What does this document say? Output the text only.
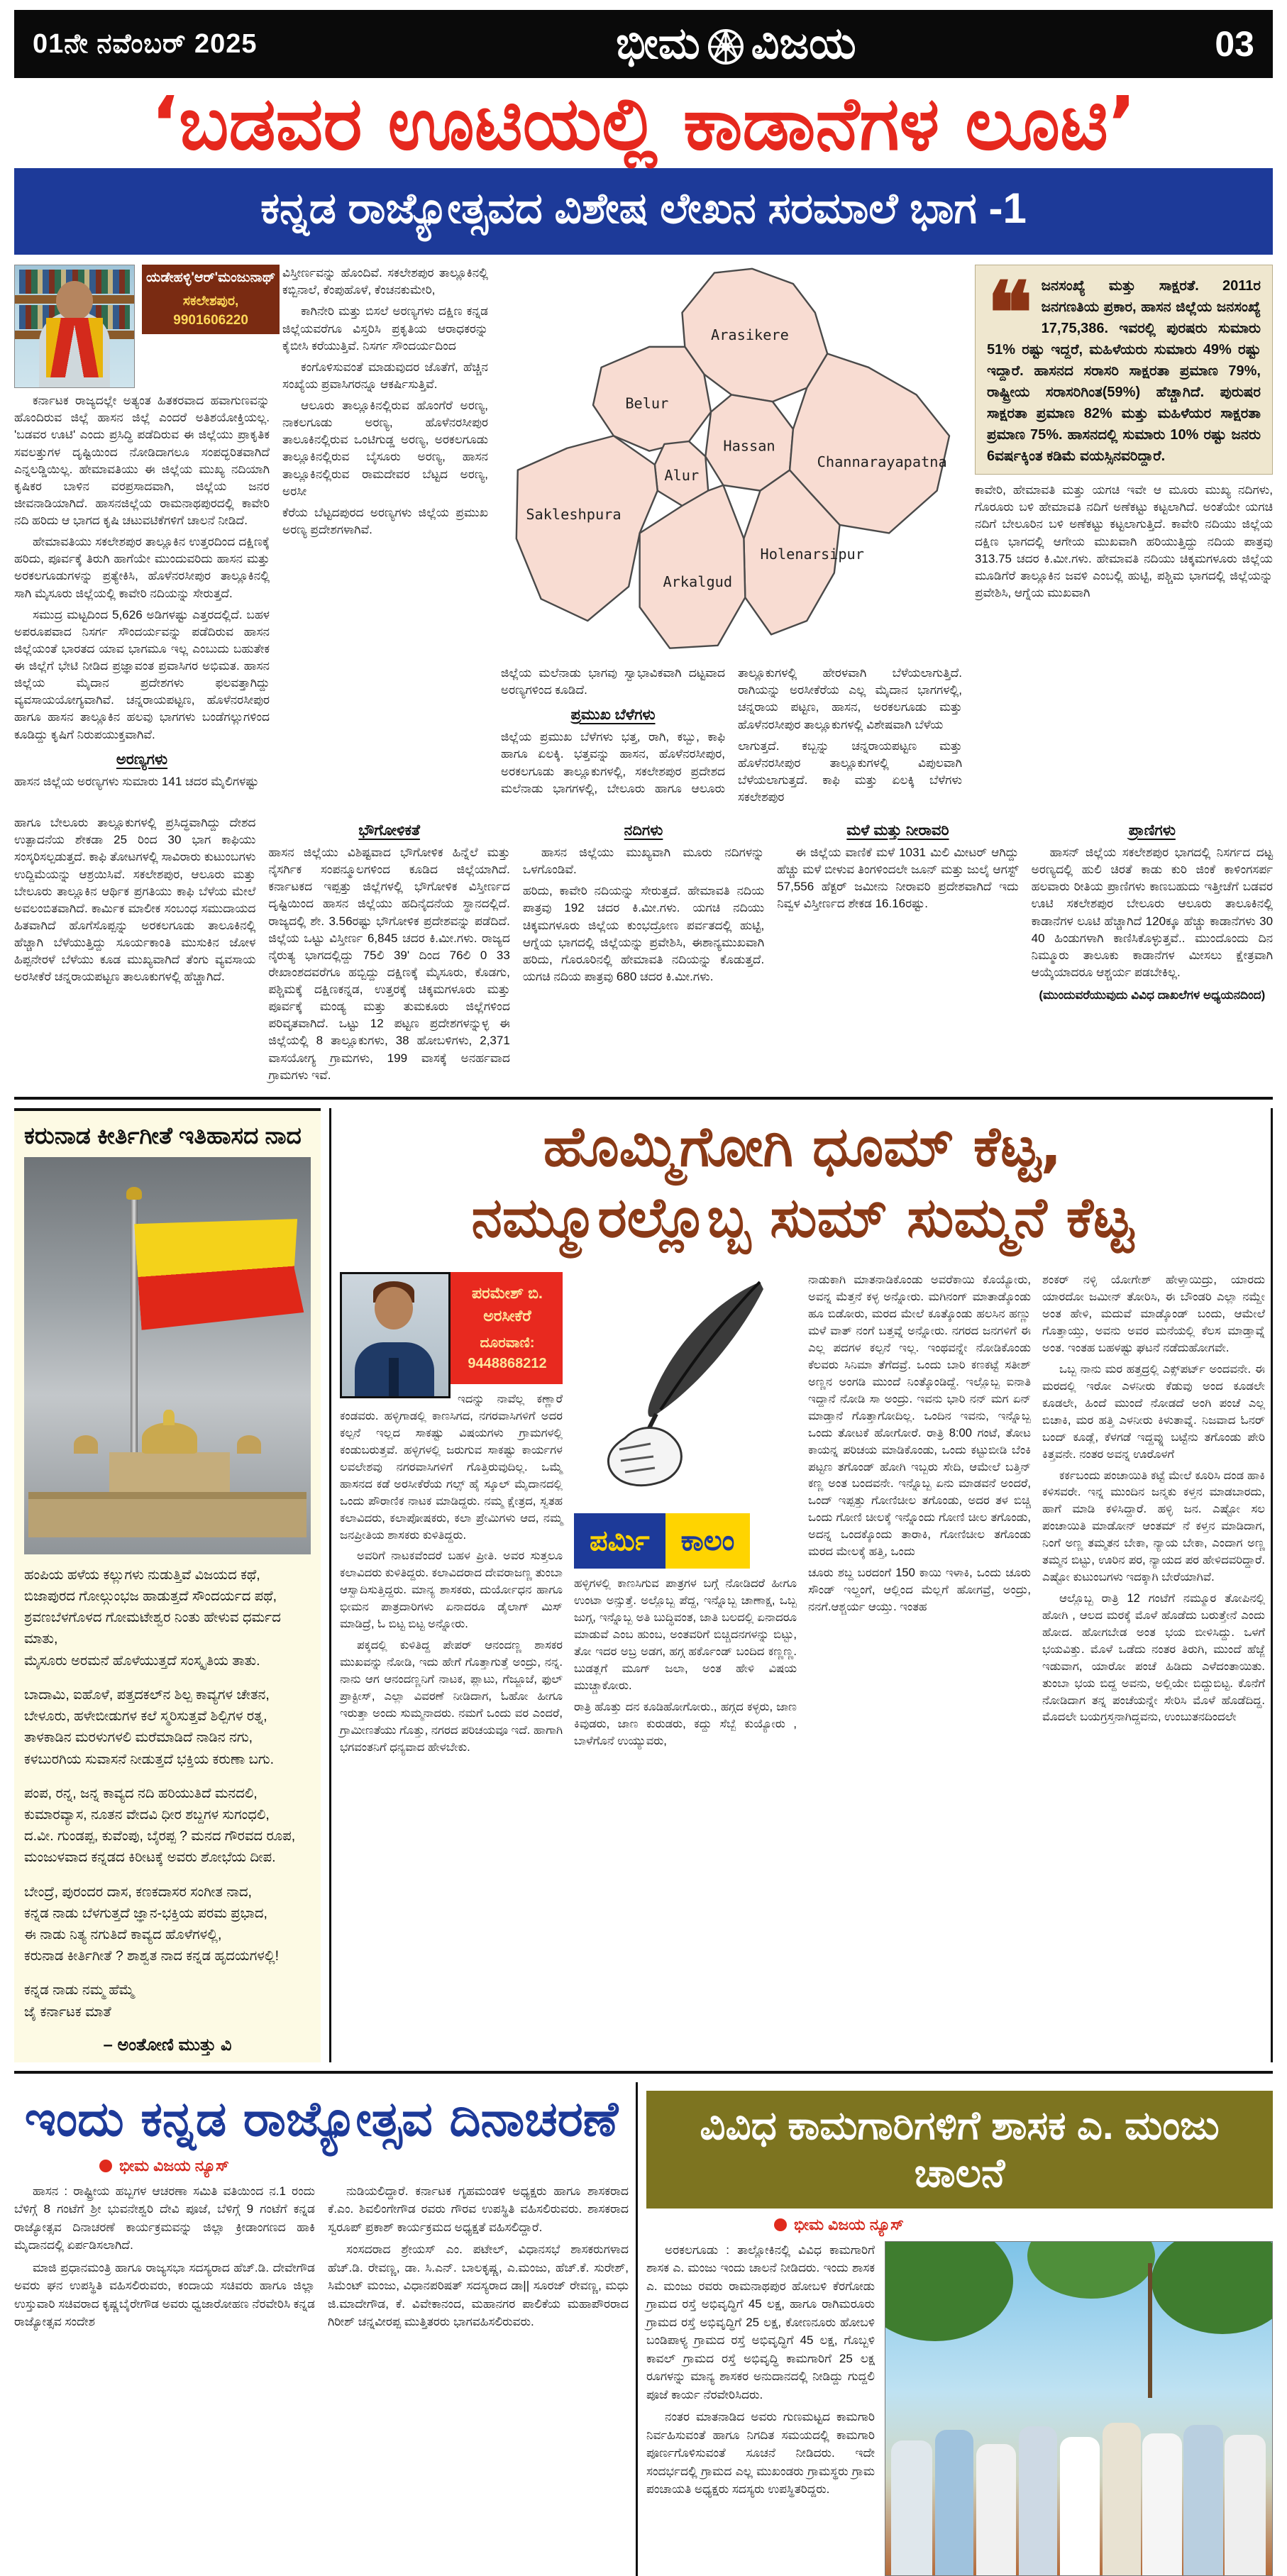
01ನೇ ನವೆಂಬರ್ 2025	ಭೀಮ ವಿಜಯ	03
‘ಬಡವರ ಊಟಿಯಲ್ಲಿ ಕಾಡಾನೆಗಳ ಲೂಟಿ’
ಕನ್ನಡ ರಾಜ್ಯೋತ್ಸವದ ವಿಶೇಷ ಲೇಖನ ಸರಮಾಲೆ ಭಾಗ -1
ಯಡೇಹಳ್ಳಿ'ಆರ್'ಮಂಜುನಾಥ್
ಸಕಲೇಶಪುರ, 9901606220

ಕರ್ನಾಟಕ ರಾಜ್ಯದಲ್ಲೇ ಅತ್ಯಂತ ಹಿತಕರವಾದ ಹವಾಗುಣವನ್ನು ಹೊಂದಿರುವ ಜಿಲ್ಲೆ ಹಾಸನ ಜಿಲ್ಲೆ ಎಂದರೆ ಅತಿಶಯೋಕ್ತಿಯಲ್ಲ. 'ಬಡವರ ಊಟಿ' ಎಂದು ಪ್ರಸಿದ್ಧಿ ಪಡೆದಿರುವ ಈ ಜಿಲ್ಲೆಯು ಪ್ರಾಕೃತಿಕ ಸವಲತ್ತುಗಳ ದೃಷ್ಟಿಯಿಂದ ನೋಡಿದಾಗಲೂ ಸಂಪದ್ಭರಿತವಾಗಿದೆ ಎನ್ನಲಡ್ಡಿಯಿಲ್ಲ. ಹೇಮಾವತಿಯು ಈ ಜಿಲ್ಲೆಯ ಮುಖ್ಯ ನದಿಯಾಗಿ ಕೃಷಿಕರ ಬಾಳಿನ ವರಪ್ರಸಾದವಾಗಿ, ಜಿಲ್ಲೆಯ ಜನರ ಜೀವನಾಡಿಯಾಗಿದೆ. ಹಾಸನಜಿಲ್ಲೆಯ ರಾಮನಾಥಪುರದಲ್ಲಿ ಕಾವೇರಿ ನದಿ ಹರಿದು ಆ ಭಾಗದ ಕೃಷಿ ಚಟುವಟಿಕೆಗಳಿಗೆ ಚಾಲನೆ ನೀಡಿದೆ.

ಹೇಮಾವತಿಯು ಸಕಲೇಶಪುರ ತಾಲ್ಲೂಕಿನ ಉತ್ತರದಿಂದ ದಕ್ಷಿಣಕ್ಕೆ ಹರಿದು, ಪೂರ್ವಕ್ಕೆ ತಿರುಗಿ ಹಾಗೆಯೇ ಮುಂದುವರಿದು ಹಾಸನ ಮತ್ತು ಅರಕಲಗೂಡುಗಳನ್ನು ಪ್ರತ್ಯೇಕಿಸಿ, ಹೊಳೆನರಸೀಪುರ ತಾಲ್ಲೂಕಿನಲ್ಲಿ ಸಾಗಿ ಮೈಸೂರು ಜಿಲ್ಲೆಯಲ್ಲಿ ಕಾವೇರಿ ನದಿಯನ್ನು ಸೇರುತ್ತದೆ.

ಸಮುದ್ರ ಮಟ್ಟದಿಂದ 5,626 ಅಡಿಗಳಷ್ಟು ಎತ್ತರದಲ್ಲಿದೆ. ಬಹಳ ಅಪರೂಪವಾದ ನಿಸರ್ಗ ಸೌಂದರ್ಯವನ್ನು ಪಡೆದಿರುವ ಹಾಸನ ಜಿಲ್ಲೆಯಂತೆ ಭಾರತದ ಯಾವ ಭಾಗಮೂ ಇಲ್ಲ ಎಂಬುದು ಬಹುತೇಕ ಈ ಜಿಲ್ಲೆಗೆ ಭೇಟಿ ನೀಡಿದ ಪ್ರಜ್ಞಾವಂತ ಪ್ರವಾಸಿಗರ ಅಭಿಮತ. ಹಾಸನ ಜಿಲ್ಲೆಯ ಮೈದಾನ ಪ್ರದೇಶಗಳು ಫಲವತ್ತಾಗಿದ್ದು ವ್ಯವಸಾಯಯೋಗ್ಯವಾಗಿವೆ. ಚನ್ನರಾಯಪಟ್ಟಣ, ಹೊಳೆನರಸೀಪುರ ಹಾಗೂ ಹಾಸನ ತಾಲ್ಲೂಕಿನ ಹಲವು ಭಾಗಗಳು ಬಂಡೆಗಲ್ಲುಗಳಿಂದ ಕೂಡಿದ್ದು ಕೃಷಿಗೆ ನಿರುಪಯುಕ್ತವಾಗಿವೆ.

ಅರಣ್ಯಗಳು

ಹಾಸನ ಜಿಲ್ಲೆಯ ಅರಣ್ಯಗಳು ಸುಮಾರು 141 ಚದರ ಮೈಲಿಗಳಷ್ಟು

ವಿಸ್ತೀರ್ಣವನ್ನು ಹೊಂದಿವೆ. ಸಕಲೇಶಪುರ ತಾಲ್ಲೂಕಿನಲ್ಲಿ ಕಬ್ಬಿನಾಲೆ, ಕೆಂಪುಹೊಳೆ, ಕೆಂಚನಕುಮೇರಿ,

ಕಾಗಿನೇರಿ ಮತ್ತು ಬಿಸಲೆ ಅರಣ್ಯಗಳು ದಕ್ಷಿಣ ಕನ್ನಡ ಜಿಲ್ಲೆಯವರೆಗೂ ವಿಸ್ತರಿಸಿ ಪ್ರಕೃತಿಯ ಆರಾಧಕರನ್ನು ಕೈಬೀಸಿ ಕರೆಯುತ್ತಿವೆ. ನಿಸರ್ಗ ಸೌಂದರ್ಯದಿಂದ

ಕಂಗೊಳಿಸುವಂತೆ ಮಾಡುವುದರ ಜೊತೆಗೆ, ಹೆಚ್ಚಿನ ಸಂಖ್ಯೆಯ ಪ್ರವಾಸಿಗರನ್ನೂ ಆಕರ್ಷಿಸುತ್ತಿವೆ.

ಆಲೂರು ತಾಲ್ಲೂಕಿನಲ್ಲಿರುವ ಹೊಂಗೆರೆ ಅರಣ್ಯ, ನಾಕಲಗೂಡು ಅರಣ್ಯ, ಹೊಳೆನರಸೀಪುರ ತಾಲೂಕಿನಲ್ಲಿರುವ ಒಂಟಿಗುಡ್ಡ ಅರಣ್ಯ, ಅರಕಲಗೂಡು ತಾಲ್ಲೂಕಿನಲ್ಲಿರುವ ಬೈಸೂರು ಅರಣ್ಯ, ಹಾಸನ ತಾಲ್ಲೂಕಿನಲ್ಲಿರುವ ರಾಮದೇವರ ಬೆಟ್ಟದ ಅರಣ್ಯ, ಅರಸೀ

ಕೆರೆಯ ಬೆಟ್ಟದಪುರದ ಅರಣ್ಯಗಳು ಜಿಲ್ಲೆಯ ಪ್ರಮುಖ ಅರಣ್ಯ ಪ್ರದೇಶಗಳಾಗಿವೆ.

Arasikere
Belur
Hassan
Channarayapatna
Alur
Sakleshpura
Holenarsipur
Arkalgud

ಜಿಲ್ಲೆಯ ಮಲೆನಾಡು ಭಾಗವು ಸ್ವಾಭಾವಿಕವಾಗಿ ದಟ್ಟವಾದ ಅರಣ್ಯಗಳಿಂದ ಕೂಡಿದೆ.

ಪ್ರಮುಖ ಬೆಳೆಗಳು

ಜಿಲ್ಲೆಯ ಪ್ರಮುಖ ಬೆಳೆಗಳು ಭತ್ತ, ರಾಗಿ, ಕಬ್ಬು, ಕಾಫಿ ಹಾಗೂ ಏಲಕ್ಕಿ. ಭತ್ತವನ್ನು ಹಾಸನ, ಹೊಳೆನರಸೀಪುರ, ಅರಕಲಗೂಡು ತಾಲ್ಲೂಕುಗಳಲ್ಲಿ, ಸಕಲೇಶಪುರ ಪ್ರದೇಶದ ಮಲೆನಾಡು ಭಾಗಗಳಲ್ಲಿ, ಬೇಲೂರು ಹಾಗೂ ಆಲೂರು ತಾಲ್ಲೂಕುಗಳಲ್ಲಿ ಹೇರಳವಾಗಿ ಬೆಳೆಯಲಾಗುತ್ತಿದೆ. ರಾಗಿಯನ್ನು ಅರಸೀಕೆರೆಯ ಎಲ್ಲ ಮೈದಾನ ಭಾಗಗಳಲ್ಲಿ, ಚನ್ನರಾಯ ಪಟ್ಟಣ, ಹಾಸನ, ಅರಕಲಗೂಡು ಮತ್ತು ಹೊಳೆನರಸೀಪುರ ತಾಲ್ಲೂಕುಗಳಲ್ಲಿ ವಿಶೇಷವಾಗಿ ಬೆಳೆಯ

ಲಾಗುತ್ತದೆ. ಕಬ್ಬನ್ನು ಚನ್ನರಾಯಪಟ್ಟಣ ಮತ್ತು ಹೊಳೆನರಸೀಪುರ ತಾಲ್ಲೂಕುಗಳಲ್ಲಿ ವಿಪುಲವಾಗಿ ಬೆಳೆಯಲಾಗುತ್ತದೆ. ಕಾಫಿ ಮತ್ತು ಏಲಕ್ಕಿ ಬೆಳೆಗಳು ಸಕಲೇಶಪುರ

❝ ಜನಸಂಖ್ಯೆ ಮತ್ತು ಸಾಕ್ಷರತೆ. 2011ರ ಜನಗಣತಿಯ ಪ್ರಕಾರ, ಹಾಸನ ಜಿಲ್ಲೆಯ ಜನಸಂಖ್ಯೆ 17,75,386. ಇವರಲ್ಲಿ ಪುರಷರು ಸುಮಾರು 51% ರಷ್ಟು ಇದ್ದರೆ, ಮಹಿಳೆಯರು ಸುಮಾರು 49% ರಷ್ಟು ಇದ್ದಾರೆ. ಹಾಸನದ ಸರಾಸರಿ ಸಾಕ್ಷರತಾ ಪ್ರಮಾಣ 79%, ರಾಷ್ಟ್ರೀಯ ಸರಾಸರಿಗಿಂತ(59%) ಹೆಚ್ಚಾಗಿದೆ. ಪುರುಷರ ಸಾಕ್ಷರತಾ ಪ್ರಮಾಣ 82% ಮತ್ತು ಮಹಿಳೆಯರ ಸಾಕ್ಷರತಾ ಪ್ರಮಾಣ 75%. ಹಾಸನದಲ್ಲಿ ಸುಮಾರು 10% ರಷ್ಟು ಜನರು 6ವರ್ಷಕ್ಕಿಂತ ಕಡಿಮೆ ವಯಸ್ಸಿನವರಿದ್ದಾರೆ.

ಕಾವೇರಿ, ಹೇಮಾವತಿ ಮತ್ತು ಯಗಚಿ ಇವೇ ಆ ಮೂರು ಮುಖ್ಯ ನದಿಗಳು, ಗೊರೂರು ಬಳಿ ಹೇಮಾವತಿ ನದಿಗೆ ಅಣೆಕಟ್ಟು ಕಟ್ಟಲಾಗಿದೆ. ಅಂತೆಯೇ ಯಗಚಿ ನದಿಗೆ ಬೇಲೂರಿನ ಬಳಿ ಅಣೆಕಟ್ಟು ಕಟ್ಟಲಾಗುತ್ತಿದೆ. ಕಾವೇರಿ ನದಿಯು ಜಿಲ್ಲೆಯ ದಕ್ಷಿಣ ಭಾಗದಲ್ಲಿ ಆಗೇಯ ಮುಖವಾಗಿ ಹರಿಯುತ್ತಿದ್ದು ನದಿಯ ಪಾತ್ರವು 313.75 ಚದರ ಕಿ.ಮೀ.ಗಳು. ಹೇಮಾವತಿ ನದಿಯು ಚಿಕ್ಕಮಗಳೂರು ಜಿಲ್ಲೆಯ ಮೂಡಿಗೆರೆ ತಾಲ್ಲೂಕಿನ ಜವಳಿ ಎಂಬಲ್ಲಿ ಹುಟ್ಟಿ, ಪಶ್ಚಿಮ ಭಾಗದಲ್ಲಿ ಜಿಲ್ಲೆಯನ್ನು ಪ್ರವೇಶಿಸಿ, ಆಗ್ನೆಯ ಮುಖವಾಗಿ

ಹಾಗೂ ಬೇಲೂರು ತಾಲ್ಲೂಕುಗಳಲ್ಲಿ ಪ್ರಸಿದ್ಧವಾಗಿದ್ದು ದೇಶದ ಉತ್ಪಾದನೆಯ ಶೇಕಡಾ 25 ರಿಂದ 30 ಭಾಗ ಕಾಫಿಯು ಸಂಸ್ಕರಿಸಲ್ಪಡುತ್ತದೆ. ಕಾಫಿ ತೋಟಗಳಲ್ಲಿ ಸಾವಿರಾರು ಕುಟುಂಬಗಳು ಉದ್ದಿಮೆಯನ್ನು ಆಶ್ರಯಿಸಿವೆ. ಸಕಲೇಶಪುರ, ಆಲೂರು ಮತ್ತು ಬೇಲೂರು ತಾಲ್ಲೂಕಿನ ಆರ್ಥಿಕ ಪ್ರಗತಿಯು ಕಾಫಿ ಬೆಳೆಯ ಮೇಲೆ ಅವಲಂಬಿತವಾಗಿದೆ. ಕಾರ್ಮಿಕ ಮಾಲೀಕ ಸಂಬಂಧ ಸಮುದಾಯದ ಹಿತವಾಗಿದೆ ಹೊಗೆಸೊಪ್ಪನ್ನು ಅರಕಲಗೂಡು ತಾಲೂಕಿನಲ್ಲಿ ಹೆಚ್ಚಾಗಿ ಬೆಳೆಯುತ್ತಿದ್ದು ಸೂರ್ಯಕಾಂತಿ ಮುಸುಕಿನ ಜೋಳ ಹಿಪ್ಪನೇರಳೆ ಬೆಳೆಯು ಕೂಡ ಮುಖ್ಯವಾಗಿದೆ ತೆಂಗು ವ್ಯವಸಾಯ ಅರಸೀಕೆರೆ ಚನ್ನರಾಯಪಟ್ಟಣ ತಾಲೂಕುಗಳಲ್ಲಿ ಹೆಚ್ಚಾಗಿದೆ.

ಭೌಗೋಳಿಕತೆ

ಹಾಸನ ಜಿಲ್ಲೆಯು ವಿಶಿಷ್ಟವಾದ ಭೌಗೋಳಿಕ ಹಿನ್ನೆಲೆ ಮತ್ತು ನೈಸರ್ಗಿಕ ಸಂಪನ್ಮೂಲಗಳಿಂದ ಕೂಡಿದ ಜಿಲ್ಲೆಯಾಗಿದೆ. ಕರ್ನಾಟಕದ ಇಪ್ಪತ್ತು ಜಿಲ್ಲೆಗಳಲ್ಲಿ ಭೌಗೋಳಿಕ ವಿಸ್ತೀರ್ಣದ ದೃಷ್ಟಿಯಿಂದ ಹಾಸನ ಜಿಲ್ಲೆಯು ಹದಿನೈದನೆಯ ಸ್ಥಾನದಲ್ಲಿದೆ. ರಾಜ್ಯದಲ್ಲಿ ಶೇ. 3.56ರಷ್ಟು ಭೌಗೋಳಿಕ ಪ್ರದೇಶವನ್ನು ಪಡೆದಿದೆ. ಜಿಲ್ಲೆಯ ಒಟ್ಟು ವಿಸ್ತೀರ್ಣ 6,845 ಚದರ ಕಿ.ಮೀ.ಗಳು. ರಾಜ್ಯದ ನೈರುತ್ಯ ಭಾಗದಲ್ಲಿದ್ದು 75ಲಿ 39' ದಿಂದ 76ಲಿ 0 33 ರೇಖಾಂಶದವರೆಗೂ ಹಬ್ಬಿದ್ದು ದಕ್ಷಿಣಕ್ಕೆ ಮೈಸೂರು, ಕೊಡಗು, ಪಶ್ಚಿಮಕ್ಕೆ ದಕ್ಷಿಣಕನ್ನಡ, ಉತ್ತರಕ್ಕೆ ಚಿಕ್ಕಮಗಳೂರು ಮತ್ತು ಪೂರ್ವಕ್ಕೆ ಮಂಡ್ಯ ಮತ್ತು ತುಮಕೂರು ಜಿಲ್ಲೆಗಳಿಂದ ಪರಿವೃತವಾಗಿದೆ. ಒಟ್ಟು 12 ಪಟ್ಟಣ ಪ್ರದೇಶಗಳನ್ನುಳ್ಳ ಈ ಜಿಲ್ಲೆಯಲ್ಲಿ 8 ತಾಲ್ಲೂಕುಗಳು, 38 ಹೋಬಳಿಗಳು, 2,371 ವಾಸಯೋಗ್ಯ ಗ್ರಾಮಗಳು, 199 ವಾಸಕ್ಕೆ ಅನರ್ಹವಾದ ಗ್ರಾಮಗಳು ಇವೆ.

ನದಿಗಳು

ಹಾಸನ ಜಿಲ್ಲೆಯು ಮುಖ್ಯವಾಗಿ ಮೂರು ನದಿಗಳನ್ನು ಒಳಗೊಂಡಿವೆ.

ಹರಿದು, ಕಾವೇರಿ ನದಿಯನ್ನು ಸೇರುತ್ತದೆ. ಹೇಮಾವತಿ ನದಿಯ ಪಾತ್ರವು 192 ಚದರ ಕಿ.ಮೀ.ಗಳು. ಯಗಚಿ ನದಿಯು ಚಿಕ್ಕಮಗಳೂರು ಜಿಲ್ಲೆಯ ಕುಂಭದ್ರೋಣ ಪರ್ವತದಲ್ಲಿ ಹುಟ್ಟಿ, ಆಗ್ನೆಯ ಭಾಗದಲ್ಲಿ ಜಿಲ್ಲೆಯನ್ನು ಪ್ರವೇಶಿಸಿ, ಈಶಾನ್ಯಮುಖವಾಗಿ ಹರಿದು, ಗೊರೂರಿನಲ್ಲಿ ಹೇಮಾವತಿ ನದಿಯನ್ನು ಕೊಡುತ್ತದೆ. ಯಗಚಿ ನದಿಯ ಪಾತ್ರವು 680 ಚದರ ಕಿ.ಮೀ.ಗಳು.

ಮಳೆ ಮತ್ತು ನೀರಾವರಿ

ಈ ಜಿಲ್ಲೆಯ ವಾಣಿಕೆ ಮಳೆ 1031 ಮಿಲಿ ಮೀಟರ್ ಆಗಿದ್ದು ಹೆಚ್ಚು ಮಳೆ ಬೀಳುವ ತಿಂಗಳಿಂದಲೇ ಜೂನ್ ಮತ್ತು ಜುಲೈ ಆಗಸ್ಟ್ 57,556 ಹೆಕ್ಟರ್ ಜಮೀನು ನೀರಾವರಿ ಪ್ರದೇಶವಾಗಿದೆ ಇದು ನಿವ್ವಳ ವಿಸ್ತೀರ್ಣದ ಶೇಕಡ 16.16ರಷ್ಟು.

ಪ್ರಾಣಿಗಳು

ಹಾಸನ್ ಜಿಲ್ಲೆಯ ಸಕಲೇಶಪುರ ಭಾಗದಲ್ಲಿ ನಿಸರ್ಗದ ದಟ್ಟ ಅರಣ್ಯದಲ್ಲಿ ಹುಲಿ ಚಿರತೆ ಕಾಡು ಕುರಿ ಜಿಂಕೆ ಕಾಳಿಂಗಸರ್ಪ ಹಲವಾರು ರೀತಿಯ ಪ್ರಾಣಿಗಳು ಕಾಣಬಹುದು ಇತ್ತೀಚೆಗೆ ಬಡವರ ಊಟಿ ಸಕಲೇಶಪುರ ಬೇಲೂರು ಆಲೂರು ತಾಲೂಕಿನಲ್ಲಿ ಕಾಡಾನೆಗಳ ಲೂಟಿ ಹೆಚ್ಚಾಗಿದೆ 120ಕ್ಕೂ ಹೆಚ್ಚು ಕಾಡಾನೆಗಳು 30 40 ಹಿಂಡುಗಳಾಗಿ ಕಾಣಿಸಿಕೊಳ್ಳುತ್ತವೆ.. ಮುಂದೊಂದು ದಿನ ನಿಮ್ಮೂರು ತಾಲೂಕು ಕಾಡಾನೆಗಳ ಮೀಸಲು ಕ್ಷೇತ್ರವಾಗಿ ಆಯ್ಕೆಯಾದರೂ ಆಶ್ಚರ್ಯ ಪಡಬೇಕಿಲ್ಲ.

(ಮುಂದುವರೆಯುವುದು ವಿವಿಧ ದಾಖಲೆಗಳ ಅಧ್ಯಯನದಿಂದ)
ಕರುನಾಡ ಕೀರ್ತಿಗೀತೆ ಇತಿಹಾಸದ ನಾದ
ಹಂಪಿಯ ಹಳೆಯ ಕಲ್ಲುಗಳು ನುಡುತ್ತಿವೆ ವಿಜಯದ ಕಥೆ,
ಬಿಜಾಪುರದ ಗೋಲ್ಗುಂಭಜ ಹಾಡುತ್ತದೆ ಸೌಂದರ್ಯದ ಪಥೆ,
ಶ್ರವಣಬೆಳಗೊಳದ ಗೋಮಟೇಶ್ವರ ನಿಂತು ಹೇಳುವ ಧರ್ಮದ ಮಾತು,
ಮೈಸೂರು ಅರಮನೆ ಹೊಳೆಯುತ್ತದೆ ಸಂಸ್ಕೃತಿಯ ತಾತು.
ಬಾದಾಮಿ, ಐಹೊಳೆ, ಪತ್ತದಕಲ್‌ನ ಶಿಲ್ಪ ಕಾವ್ಯಗಳ ಚೇತನ,
ಬೇಳೂರು, ಹಳೇಬೀಡುಗಳ ಕಲೆ ಸ್ಮರಿಸುತ್ತವೆ ಶಿಲ್ಪಿಗಳ ರತ್ನ,
ತಾಳಕಾಡಿನ ಮರಳುಗಳಲಿ ಮರೆಮಾಡಿದೆ ನಾಡಿನ ನಗು,
ಕಳಬುರಗಿಯ ಸುವಾಸನೆ ನೀಡುತ್ತದೆ ಭಕ್ತಿಯ ಕರುಣಾ ಬಗು.
ಪಂಪ, ರನ್ನ, ಜನ್ನ ಕಾವ್ಯದ ನದಿ ಹರಿಯುತಿದೆ ಮನದಲಿ,
ಕುಮಾರವ್ಯಾಸ, ನೂತನ ವೇದವಿ ಧೀರ ಶಬ್ದಗಳ ಸುಗಂಧಲಿ,
ದ.ವೀ. ಗುಂಡಪ್ಪ, ಕುವೆಂಪು, ಬೈರಪ್ಪ ? ಮನದ ಗೌರವದ ರೂಪ,
ಮಂಜುಳವಾದ ಕನ್ನಡದ ಕಿರೀಟಕ್ಕೆ ಅವರು ಶೋಭೆಯ ದೀಪ.
ಬೇಂದ್ರೆ, ಪುರಂದರ ದಾಸ, ಕಣಕದಾಸರ ಸಂಗೀತ ನಾದ,
ಕನ್ನಡ ನಾಡು ಬೆಳಗುತ್ತದೆ ಜ್ಞಾನ-ಭಕ್ತಿಯ ಪರಮ ಪ್ರಭಾದ,
ಈ ನಾಡು ನಿತ್ಯ ನಗುತಿದೆ ಕಾವ್ಯದ ಹೊಳೆಗಳಲ್ಲಿ,
ಕರುನಾಡ ಕೀರ್ತಿಗೀತೆ ? ಶಾಶ್ವತ ನಾದ ಕನ್ನಡ ಹೃದಯಗಳಲ್ಲಿ!
ಕನ್ನಡ ನಾಡು ನಮ್ಮ ಹೆಮ್ಮೆ
ಜೈ ಕರ್ನಾಟಕ ಮಾತೆ
– ಅಂತೋಣಿ ಮುತ್ತು ವಿ
ಹೊಮ್ಮಿಗೋಗಿ ಧೂಮ್ ಕೆಟ್ಟ,
ನಮ್ಮೂರಲ್ಲೊಬ್ಬ ಸುಮ್ ಸುಮ್ಮನೆ ಕೆಟ್ಟ
ಪರಮೇಶ್ ಬಿ. ಅರಸೀಕೆರೆ
ದೂರವಾಣಿ: 9448868212

ಇದನ್ನು ನಾವೆಲ್ಲ ಕಣ್ಣಾರೆ ಕಂಡವರು. ಹಳ್ಳಿಗಾಡಲ್ಲಿ ಕಾಣಸಿಗದ, ನಗರವಾಸಿಗಳಿಗೆ ಅದರ ಕಲ್ಪನೆ ಇಲ್ಲದ ಸಾಕಷ್ಟು ವಿಷಯಗಳು ಗ್ರಾಮಗಳಲ್ಲಿ ಕಂಡುಬರುತ್ತವೆ. ಹಳ್ಳಿಗಳಲ್ಲಿ ಜರುಗುವ ಸಾಕಷ್ಟು ಕಾರ್ಯಗಳ ಲವಲೇಶವು ನಗರವಾಸಿಗಳಿಗೆ ಗೊತ್ತಿರುವುದಿಲ್ಲ. ಒಮ್ಮೆ ಹಾಸನದ ಕಡೆ ಅರಸೀಕೆರೆಯ ಗಲ್ಸ್ ಹೈ ಸ್ಕೂಲ್ ಮೈದಾನದಲ್ಲಿ ಒಂದು ಪೌರಾಣಿಕ ನಾಟಕ ಮಾಡಿದ್ದರು. ನಮ್ಮ ಕ್ಷೇತ್ರದ, ಸ್ವತಹ ಕಲಾವಿದರು, ಕಲಾಪೋಷಕರು, ಕಲಾ ಪ್ರೇಮಿಗಳು ಆದ, ನಮ್ಮ ಜನಪ್ರೀತಿಯ ಶಾಸಕರು ಕುಳಿತಿದ್ದರು.

ಅವರಿಗೆ ನಾಟಕವೆಂದರೆ ಬಹಳ ಪ್ರೀತಿ. ಅವರ ಸುತ್ತಲೂ ಕಲಾವಿದರು ಕುಳಿತಿದ್ದರು. ಕಲಾವಿದರಾದ ದೇವರಾಜಣ್ಣ ತುಂಬಾ ಆಸ್ವಾದಿಸುತ್ತಿದ್ದರು. ಮಾನ್ಯ ಶಾಸಕರು, ದುರ್ಯೋಧನ ಹಾಗೂ ಭೀಮನ ಪಾತ್ರದಾರಿಗಳು ಏನಾದರೂ ಡೈಲಾಗ್ ಮಿಸ್ ಮಾಡಿದ್ರೆ, ಓ ಬಿಟ್ಟ ಬಿಟ್ಟ ಅನ್ನೋರು.

ಪಕ್ಕದಲ್ಲಿ ಕುಳಿತಿದ್ದ ಪೇಪರ್ ಆನಂದಣ್ಣ ಶಾಸಕರ ಮುಖವನ್ನು ನೋಡಿ, ಇದು ಹೇಗೆ ಗೊತ್ತಾಗುತ್ತೆ ಅಂದ್ರು, ನನ್ನ. ನಾನು ಆಗ ಆನಂದಣ್ಣನಿಗೆ ನಾಟಕ, ಪ್ಲಾಟು, ಗೆಜ್ಜೂಜೆ, ಫುಲ್ ಪ್ರಾಕ್ಟೀಸ್, ಎಲ್ಲಾ ವಿವರಣೆ ನೀಡಿದಾಗ, ಓಹೋ ಹೀಗೂ ಇರುತ್ತಾ ಅಂದು ಸುಮ್ಮನಾದರು. ನಮಗೆ ಒಂದು ವರ ಎಂದರೆ, ಗ್ರಾಮೀಣತೆಯು ಗೊತ್ತು, ನಗರದ ಪರಿಚಯವೂ ಇದೆ. ಹಾಗಾಗಿ ಭಗವಂತನಿಗೆ ಧನ್ಯವಾದ ಹೇಳಬೇಕು.

ಪರ್ಮಿ	ಕಾಲಂ

ಹಳ್ಳಿಗಳಲ್ಲಿ ಕಾಣಸಿಗುವ ಪಾತ್ರಗಳ ಬಗ್ಗೆ ನೋಡಿದರೆ ಹೀಗೂ ಉಂಟಾ ಅನ್ಸುತ್ತೆ. ಅಲ್ಲೊಬ್ಬ ಪೆದ್ದ, ಇನ್ನೊಬ್ಬ ಚಾಣಾಕ್ಷ, ಒಬ್ಬ ಜುಗ್ಗ, ಇನ್ನೊಬ್ಬ ಅತಿ ಬುದ್ಧಿವಂತ, ಜಾತಿ ಬಲದಲ್ಲಿ ಏನಾದರೂ ಮಾಡುವೆ ಎಂಬ ಹುಂಬ, ಅಂತವರಿಗೆ ಬಿಚ್ಚಿದನಗಳನ್ನು ಬಿಟ್ಟು, ತೋ ಇದರ ಅಬ್ರ ಅಡಗ, ಹಗ್ಗ ಹರ್ಕೊಂಡ್ ಬಂದಿದ ಕಣ್ಣಣ್ಣ. ಬುಡತ್ಲಗೆ ಮೂಗ್ ಜಲಾ, ಅಂತ ಹೇಳಿ ವಿಷಯ ಮುಚ್ಚಾಕೋರು.

ರಾತ್ರಿ ಹೊತ್ತು ದನ ಕೂಡಿಹೋಗೋರು., ಹಗ್ಗದ ಕಳ್ಳರು, ಜಾಣ ಕಿವುಡರು, ಜಾಣ ಕುರುಡರು, ಕದ್ದು ಸೆಬ್ಬೆ ಕುಯ್ಯೋರು , ಬಾಳೆಗೊನೆ ಉಯ್ಯುವರು,

ನಾಡುಕಾಗಿ ಮಾತನಾಡಿಕೊಂಡು ಅವರೆಕಾಯಿ ಕೊಯ್ಯೋರು, ಅವನ್ನ ಮೆತ್ತನೆ ಕಳ್ಳ ಅನ್ನೋರು. ಮಗಿನಂಗ್ ಮಾತಾಡ್ಕೊಂಡು ಹೂ ಬಿಡೋರು, ಮರದ ಮೇಲೆ ಕೂತ್ಕೊಂಡು ಹಲಸಿನ ಹಣ್ಣು ಮಳೆ ವಾತ್ ನಂಗೆ ಬತ್ತವ್ನೆ ಅನ್ನೋರು. ನಗರದ ಜನಗಳಿಗೆ ಈ ಎಲ್ಲ ಪದಗಳ ಕಲ್ಪನೆ ಇಲ್ಲ. ಇಂಥವನ್ನೇ ನೋಡಿಕೊಂಡು ಕೆಲವರು ಸಿನಿಮಾ ತೆಗೆದವ್ರೆ. ಒಂದು ಬಾರಿ ಕಣಕಟ್ಟೆ ಸತೀಶ್ ಅಣ್ಣನ ಅಂಗಡಿ ಮುಂದೆ ನಿಂತ್ಕೊಂಡಿದ್ದೆ. ಇಲ್ಲೊಬ್ಬ ಐನಾತಿ ಇದ್ದಾನೆ ನೋಡಿ ಸಾ ಅಂದ್ರು. ಇವನು ಭಾರಿ ನನ್ ಮಗ ಏನ್ ಮಾಡ್ತಾನೆ ಗೊತ್ತಾಗೋದಿಲ್ಲ. ಒಂದಿನ ಇವನು, ಇನ್ನೊಬ್ಬ ಒಂದು ತೋಟಕೆ ಹೋಗೋರೆ. ರಾತ್ರಿ 8:00 ಗಂಟೆ, ತೋಟ ಕಾಯನ್ನ ಪರಿಚಯ ಮಾಡಿಕೊಂಡು, ಒಂದು ಕಟ್ಟುಬೀಡಿ ಬೆಂಕಿ ಪಟ್ಟಣ ತಗೊಂಡ್ ಹೋಗಿ ಇಬ್ಬರು ಸೇದಿ, ಆಮೇಲೆ ಬತ್ತಿನ್ ಕಣ್ಣ ಅಂತ ಬಂದವನೇ. ಇನ್ನೊಬ್ಬ ಏನು ಮಾಡವನೆ ಅಂದರೆ, ಒಂದ್ ಇಪ್ಪತ್ತು ಗೋಣಿಚೀಲ ತಗೊಂಡು, ಅದರ ತಳ ಬಿಚ್ಚಿ ಒಂದು ಗೋಣಿ ಚೀಲಕ್ಕೆ ಇನ್ನೊಂದು ಗೋಣಿ ಚೀಲ ತಗೊಂಡು, ಅದನ್ನ ಒಂದಕ್ಕೊಂದು ತಾರಾಕಿ, ಗೋಣಿಚೀಲ ತಗೊಂಡು ಮರದ ಮೇಲಕ್ಕೆ ಹತ್ತಿ, ಒಂದು

ಚೂರು ಶಬ್ದ ಬರದಂಗೆ 150 ಕಾಯಿ ಇಳಾಕಿ, ಒಂದು ಚೂರು ಸೌಂಡ್ ಇಲ್ದಂಗೆ, ಆಲ್ಲಿಂದ ಮೆಲ್ಲಗೆ ಹೋಗವ್ರೆ, ಅಂದ್ರು, ನನಗೆ.ಆಶ್ಚರ್ಯ ಆಯ್ತು. ಇಂತಹ

ಶಂಕರ್ ನಳ್ಳಿ ಯೋಗೇಶ್ ಹೇಳ್ತಾಯಿದ್ರು, ಯಾರದು ಯಾರದೋ ಜಮೀನ್ ತೋರಿಸಿ, ಈ ಬೌಂಡರಿ ಎಲ್ಲಾ ನಮ್ದೇ ಅಂತ ಹೇಳಿ, ಮದುವೆ ಮಾಡ್ಕೊಂಡ್ ಬಂದು, ಆಮೇಲೆ ಗೊತ್ತಾಯ್ತು, ಅವನು ಅವರ ಮನೆಯಲ್ಲಿ ಕೆಲಸ ಮಾಡ್ತಾವ್ನೆ ಅಂತ. ಇಂತಹ ಬಹಳಷ್ಟು ಘಟನೆ ನಡೆದುಹೋಗವೇ.

ಒಬ್ಬ ನಾನು ಮರ ಹತ್ತದ್ರಲ್ಲಿ ಎಕ್ಸ್‌ಪರ್ಟ್ ಅಂದವನೇ. ಈ ಮರದಲ್ಲಿ ಇರೋ ಎಳನೀರು ಕೆಡುವು ಅಂದ ಕೂಡಲೇ ಕೂಡಲೇ, ಹಿಂದೆ ಮುಂದೆ ನೋಡದೆ ಅಂಗಿ ಪಂಚೆ ಎಲ್ಲ ಬಿಚಾಕಿ, ಮರ ಹತ್ತಿ ಎಳನೀರು ಕಿಳುತಾವ್ನೆ. ನಿಜವಾದ ಓನರ್ ಬಂದ್ ಕೂಡ್ಲೆ, ಕೆಳಗಡೆ ಇದ್ದವ್ನು ಬಟ್ಟೆನು ತಗೊಂಡು ಪೇರಿ ಕಿತ್ತವನೇ. ನಂತರ ಅವನ್ನ ಊರೊಳಗೆ

ಕರ್ಕಬಂದು ಪಂಚಾಯಿತಿ ಕಟ್ಟೆ ಮೇಲೆ ಕೂರಿಸಿ ದಂಡ ಹಾಕಿ ಕಳಿಸವರೇ. ಇನ್ನ ಮುಂದಿನ ಜನ್ಮಕು ಕಳ್ತನ ಮಾಡಬಾರದು, ಹಾಗೆ ಮಾಡಿ ಕಳಿಸಿದ್ದಾರೆ. ಹಳ್ಳಿ ಜನ. ಎಷ್ಟೋ ಸಲ ಪಂಚಾಯಿತಿ ಮಾಡೋನ್ ಆಂತಮ್ ನೆ ಕಳ್ತನ ಮಾಡಿದಾಗ, ನಿಂಗೆ ಅಣ್ಣ ತಮ್ಮತನ ಬೇಕಾ, ನ್ಯಾಯ ಬೇಕಾ, ಎಂದಾಗ ಅಣ್ಣ ತಮ್ಮನ ಬಿಟ್ಟು, ಊರಿನ ಪರ, ನ್ಯಾಯದ ಪರ ಹೇಳಿದವರಿದ್ದಾರೆ. ಎಷ್ಟೋ ಕುಟುಂಬಗಳು ಇದಕ್ಕಾಗಿ ಬೇರೆಯಾಗಿವೆ.

ಆಲ್ಲೊಬ್ಬ ರಾತ್ರಿ 12 ಗಂಟೆಗೆ ನಮ್ಮೂರ ತೋಪಿನಲ್ಲಿ ಹೋಗಿ , ಆಲದ ಮರಕ್ಕೆ ಮೊಳೆ ಹೊಡೆದು ಬರುತ್ತೇನೆ ಎಂದು ಹೋದ. ಹೋಗಬೇಡ ಅಂತ ಭಯ ಬೀಳಿಸಿದ್ದು. ಒಳಗೆ ಭಯವಿತ್ತು. ಮೊಳೆ ಒಡೆದು ನಂತರ ತಿರುಗಿ, ಮುಂದೆ ಹೆಜ್ಜೆ ಇಡುವಾಗ, ಯಾರೋ ಪಂಚೆ ಹಿಡಿದು ಎಳೆದಂತಾಯಿತು. ತುಂಬಾ ಭಯ ಬಿದ್ದ ಅವನು, ಅಲ್ಲಿಯೇ ಬಿದ್ದುಬಿಟ್ಟ. ಕೊನೆಗೆ ನೋಡಿದಾಗ ತನ್ನ ಪಂಚೆಯನ್ನೇ ಸೇರಿಸಿ ಮೊಳೆ ಹೊಡೆದಿದ್ದ. ಮೊದಲೇ ಬಯಗ್ರಸ್ತನಾಗಿದ್ದವನು, ಉಂಬುತನದಿಂದಲೇ

ಇಂದು ಕನ್ನಡ ರಾಜ್ಯೋತ್ಸವ ದಿನಾಚರಣೆ
ಭೀಮ ವಿಜಯ ನ್ಯೂಸ್

ಹಾಸನ : ರಾಷ್ಟ್ರೀಯ ಹಬ್ಬಗಳ ಆಚರಣಾ ಸಮಿತಿ ವತಿಯಿಂದ ನ.1 ರಂದು ಬೆಳಿಗ್ಗೆ 8 ಗಂಟೆಗೆ ಶ್ರೀ ಭುವನೇಶ್ವರಿ ದೇವಿ ಪೂಜೆ, ಬೆಳಿಗ್ಗೆ 9 ಗಂಟೆಗೆ ಕನ್ನಡ ರಾಜ್ಯೋತ್ಸವ ದಿನಾಚರಣೆ ಕಾರ್ಯಕ್ರಮವನ್ನು ಜಿಲ್ಲಾ ಕ್ರೀಡಾಂಗಣದ ಹಾಕಿ ಮೈದಾನದಲ್ಲಿ ಏರ್ಪಡಿಸಲಾಗಿದೆ.

ಮಾಜಿ ಪ್ರಧಾನಮಂತ್ರಿ ಹಾಗೂ ರಾಜ್ಯಸಭಾ ಸದಸ್ಯರಾದ ಹೆಚ್.ಡಿ. ದೇವೇಗೌಡ ಅವರು ಘನ ಉಪಸ್ಥಿತಿ ವಹಿಸಲಿರುವರು, ಕಂದಾಯ ಸಚಿವರು ಹಾಗೂ ಜಿಲ್ಲಾ ಉಸ್ತುವಾರಿ ಸಚಿವರಾದ ಕೃಷ್ಣಬೈರೇಗೌಡ ಅವರು ಧ್ವಜಾರೋಹಣ ನೆರವೇರಿಸಿ ಕನ್ನಡ ರಾಜ್ಯೋತ್ಸವ ಸಂದೇಶ

ನುಡಿಯಲಿದ್ದಾರೆ. ಕರ್ನಾಟಕ ಗೃಹಮಂಡಳಿ ಅಧ್ಯಕ್ಷರು ಹಾಗೂ ಶಾಸಕರಾದ ಕೆ.ಎಂ. ಶಿವಲಿಂಗೇಗೌಡ ರವರು ಗೌರವ ಉಪಸ್ಥಿತಿ ವಹಿಸಲಿರುವರು. ಶಾಸಕರಾದ ಸ್ವರೂಪ್ ಪ್ರಕಾಶ್ ಕಾರ್ಯಕ್ರಮದ ಅಧ್ಯಕ್ಷತೆ ವಹಿಸಲಿದ್ದಾರೆ.

ಸಂಸದರಾದ ಶ್ರೇಯಸ್ ಎಂ. ಪಟೇಲ್, ವಿಧಾನಸಭೆ ಶಾಸಕರುಗಳಾದ ಹೆಚ್.ಡಿ. ರೇವಣ್ಣ, ಡಾ. ಸಿ.ಎನ್. ಬಾಲಕೃಷ್ಣ, ಎ.ಮಂಜು, ಹೆಚ್.ಕೆ. ಸುರೇಶ್, ಸಿಮೆಂಟ್ ಮಂಜು, ವಿಧಾನಪರಿಷತ್ ಸದಸ್ಯರಾದ ಡಾ|| ಸೂರಜ್ ರೇವಣ್ಣ, ಮಧು ಜಿ.ಮಾದೇಗೌಡ, ಕೆ. ವಿವೇಕಾನಂದ, ಮಹಾನಗರ ಪಾಲಿಕೆಯ ಮಹಾಪೌರರಾದ ಗಿರೀಶ್ ಚನ್ನವೀರಪ್ಪ ಮುತ್ತಿತರರು ಭಾಗವಹಿಸಲಿರುವರು.

ವಿವಿಧ ಕಾಮಗಾರಿಗಳಿಗೆ ಶಾಸಕ ಎ. ಮಂಜು ಚಾಲನೆ
ಭೀಮ ವಿಜಯ ನ್ಯೂಸ್

ಅರಕಲಗೂಡು : ತಾಲ್ಲೋಕಿನಲ್ಲಿ ವಿವಿಧ ಕಾಮಗಾರಿಗೆ ಶಾಸಕ ಎ. ಮಂಜು ಇಂದು ಚಾಲನೆ ನೀಡಿದರು. ಇಂದು ಶಾಸಕ ಎ. ಮಂಜು ರವರು ರಾಮನಾಥಪುರ ಹೋಬಳಿ ಕೆರಗೋಡು ಗ್ರಾಮದ ರಸ್ತೆ ಅಭಿವೃದ್ಧಿಗೆ 45 ಲಕ್ಷ, ಹಾಗೂ ರಾಗಿಮರೂರು ಗ್ರಾಮದ ರಸ್ತೆ ಅಭಿವೃದ್ಧಿಗೆ 25 ಲಕ್ಷ, ಕೋಣನೂರು ಹೋಬಳಿ ಬಂಡಿಪಾಳ್ಯ ಗ್ರಾಮದ ರಸ್ತೆ ಅಭಿವೃದ್ಧಿಗೆ 45 ಲಕ್ಷ, ಗೊಬ್ಬಳಿ ಕಾವಲ್ ಗ್ರಾಮದ ರಸ್ತೆ ಅಭಿವೃದ್ಧಿ ಕಾಮಗಾರಿಗೆ 25 ಲಕ್ಷ ರೂಗಳನ್ನು ಮಾನ್ಯ ಶಾಸಕರ ಅನುದಾನದಲ್ಲಿ ನೀಡಿದ್ದು ಗುದ್ದಲಿ ಪೂಜೆ ಕಾರ್ಯ ನೆರವೇರಿಸಿದರು.

ನಂತರ ಮಾತನಾಡಿದ ಅವರು ಗುಣಮಟ್ಟದ ಕಾಮಗಾರಿ ನಿರ್ವಹಿಸುವಂತೆ ಹಾಗೂ ನಿಗದಿತ ಸಮಯದಲ್ಲಿ ಕಾಮಗಾರಿ ಪೂರ್ಣಗೊಳಿಸುವಂತೆ ಸೂಚನೆ ನೀಡಿದರು. ಇದೇ ಸಂದರ್ಭದಲ್ಲಿ ಗ್ರಾಮದ ಎಲ್ಲ ಮುಖಂಡರು ಗ್ರಾಮಸ್ಥರು ಗ್ರಾಮ ಪಂಚಾಯತಿ ಅಧ್ಯಕ್ಷರು ಸದಸ್ಯರು ಉಪಸ್ಥಿತರಿದ್ದರು.
